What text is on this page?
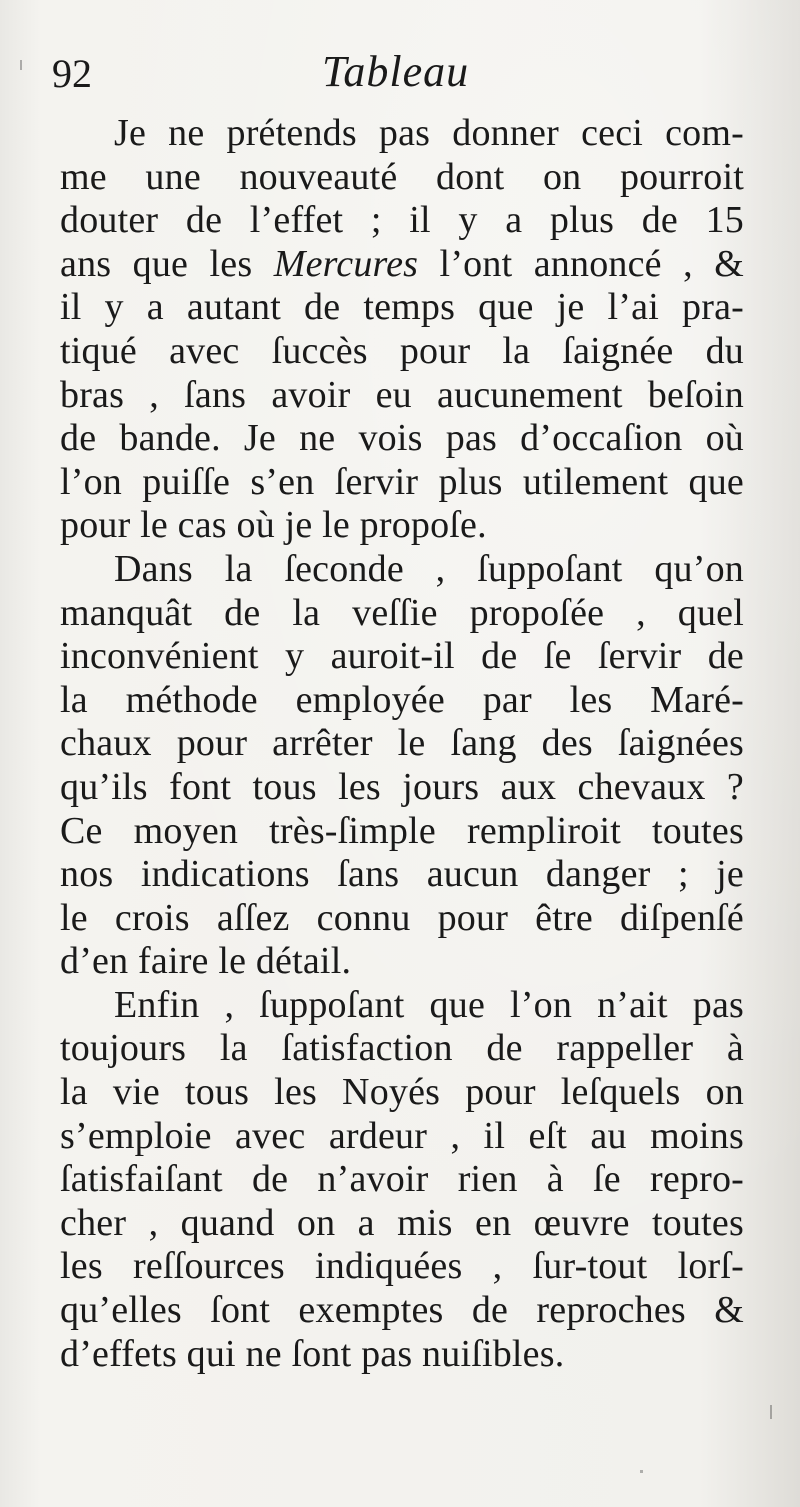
92	Tableau
Je ne prétends pas donner ceci com-
me une nouveauté dont on pourroit
douter de l’effet ; il y a plus de 15
ans que les Mercures l’ont annoncé , &
il y a autant de temps que je l’ai pra-
tiqué avec ſuccès pour la ſaignée du
bras , ſans avoir eu aucunement beſoin
de bande. Je ne vois pas d’occaſion où
l’on puiſſe s’en ſervir plus utilement que
pour le cas où je le propoſe.
Dans la ſeconde , ſuppoſant qu’on
manquât de la veſſie propoſée , quel
inconvénient y auroit-il de ſe ſervir de
la méthode employée par les Maré-
chaux pour arrêter le ſang des ſaignées
qu’ils font tous les jours aux chevaux ?
Ce moyen très-ſimple rempliroit toutes
nos indications ſans aucun danger ; je
le crois aſſez connu pour être diſpenſé
d’en faire le détail.
Enfin , ſuppoſant que l’on n’ait pas
toujours la ſatisfaction de rappeller à
la vie tous les Noyés pour leſquels on
s’emploie avec ardeur , il eſt au moins
ſatisfaiſant de n’avoir rien à ſe repro-
cher , quand on a mis en œuvre toutes
les reſſources indiquées , ſur-tout lorſ-
qu’elles ſont exemptes de reproches &
d’effets qui ne ſont pas nuiſibles.
